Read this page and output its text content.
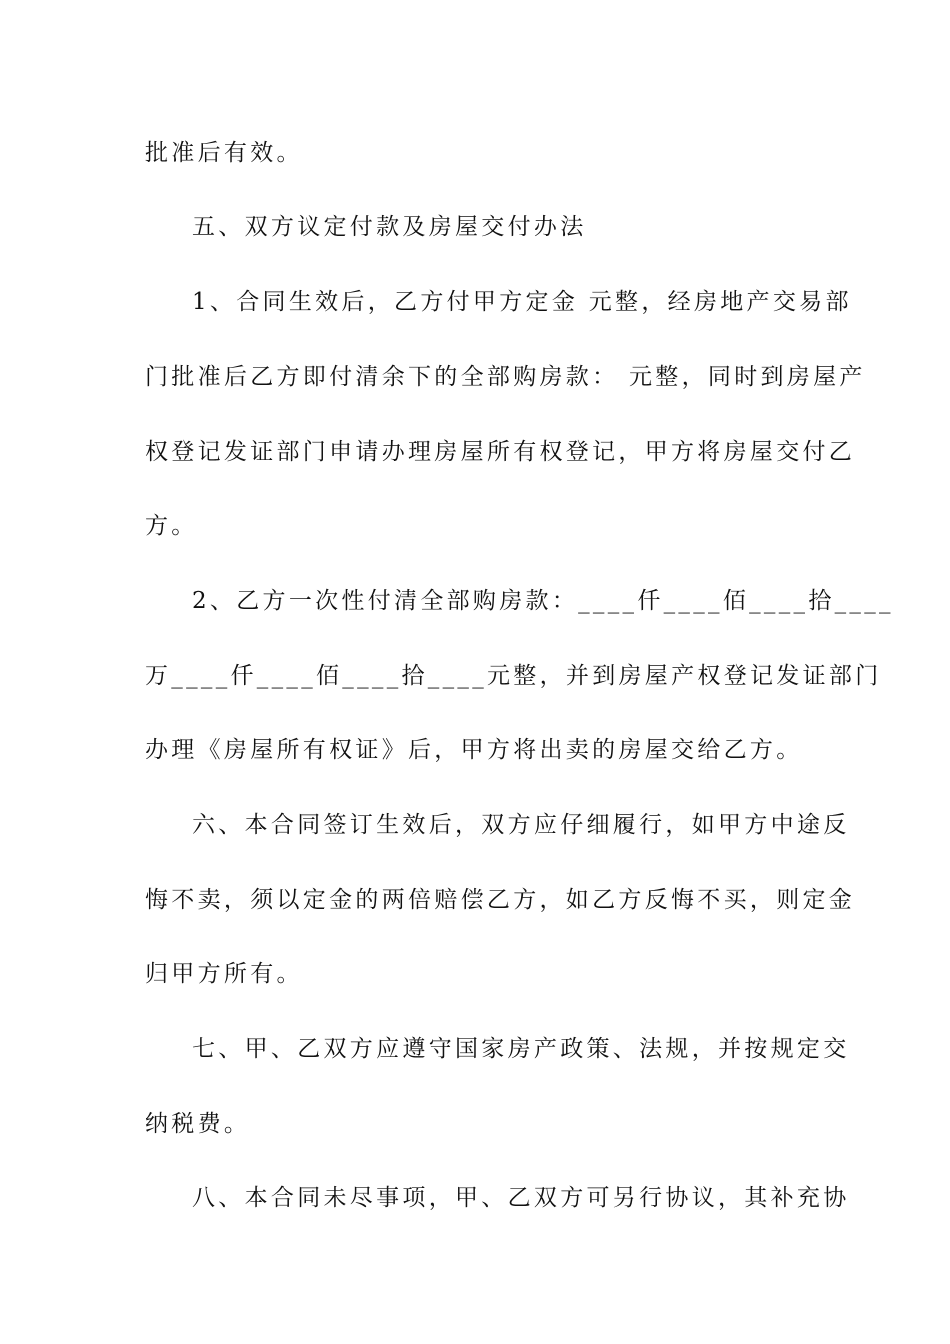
批准后有效。
五、双方议定付款及房屋交付办法
1、合同生效后，乙方付甲方定金 元整，经房地产交易部
门批准后乙方即付清余下的全部购房款： 元整，同时到房屋产
权登记发证部门申请办理房屋所有权登记，甲方将房屋交付乙
方。
2、乙方一次性付清全部购房款：____仟____佰____拾____
万____仟____佰____拾____元整，并到房屋产权登记发证部门
办理《房屋所有权证》后，甲方将出卖的房屋交给乙方。
六、本合同签订生效后，双方应仔细履行，如甲方中途反
悔不卖，须以定金的两倍赔偿乙方，如乙方反悔不买，则定金
归甲方所有。
七、甲、乙双方应遵守国家房产政策、法规，并按规定交
纳税费。
八、本合同未尽事项，甲、乙双方可另行协议，其补充协
